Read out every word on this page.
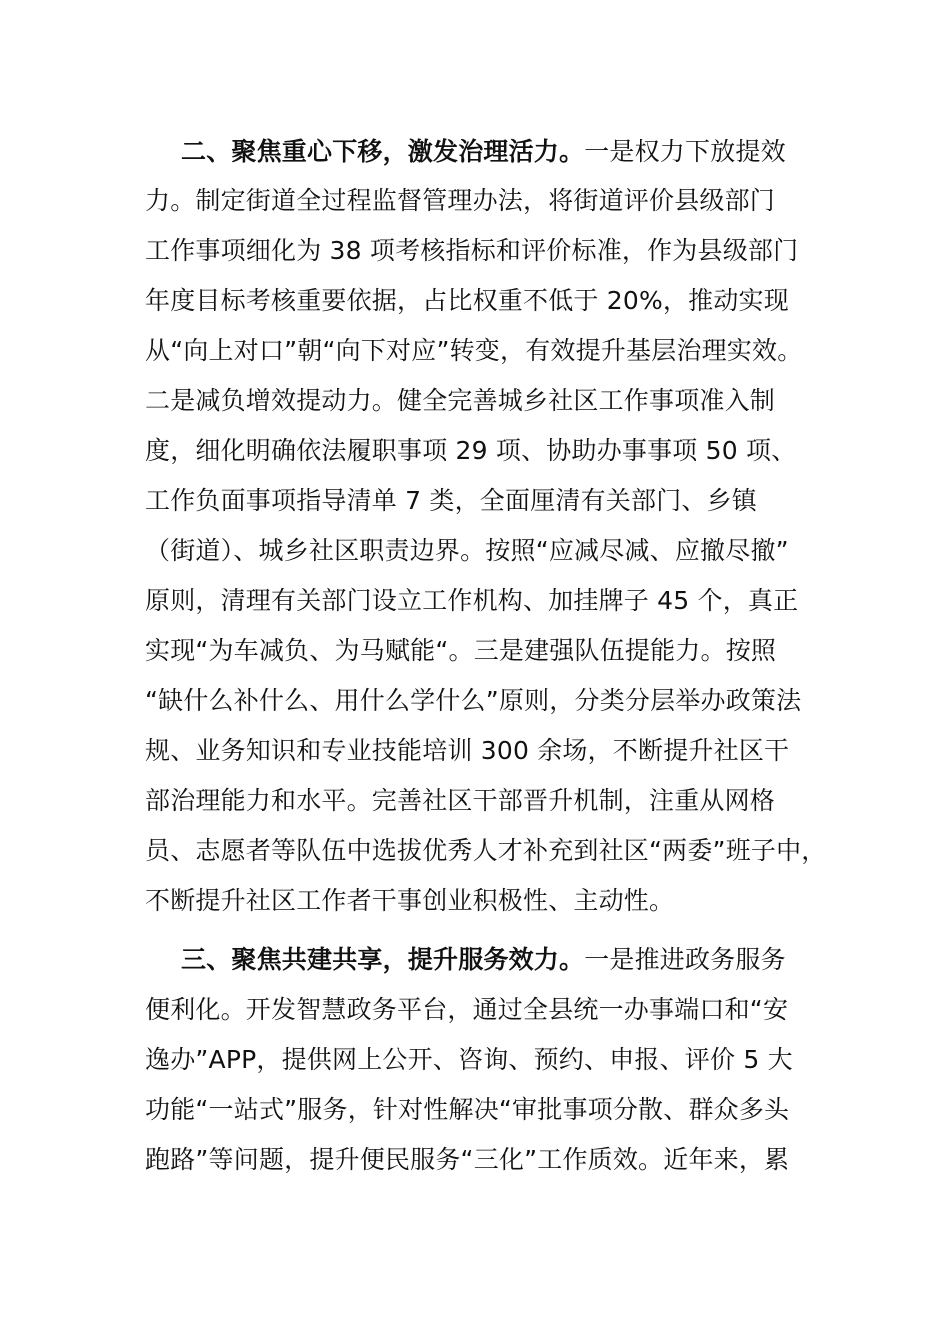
二、聚焦重心下移，激发治理活力。一是权力下放提效

力。制定街道全过程监督管理办法，将街道评价县级部门

工作事项细化为 38 项考核指标和评价标准，作为县级部门

年度目标考核重要依据，占比权重不低于 20%，推动实现

从“向上对口”朝“向下对应”转变，有效提升基层治理实效。

二是减负增效提动力。健全完善城乡社区工作事项准入制

度，细化明确依法履职事项 29 项、协助办事事项 50 项、

工作负面事项指导清单 7 类，全面厘清有关部门、乡镇

（街道）、城乡社区职责边界。按照“应减尽减、应撤尽撤”

原则，清理有关部门设立工作机构、加挂牌子 45 个，真正

实现“为车减负、为马赋能“。三是建强队伍提能力。按照

“缺什么补什么、用什么学什么”原则，分类分层举办政策法

规、业务知识和专业技能培训 300 余场，不断提升社区干

部治理能力和水平。完善社区干部晋升机制，注重从网格

员、志愿者等队伍中选拔优秀人才补充到社区“两委”班子中，

不断提升社区工作者干事创业积极性、主动性。

三、聚焦共建共享，提升服务效力。一是推进政务服务

便利化。开发智慧政务平台，通过全县统一办事端口和“安

逸办”APP，提供网上公开、咨询、预约、申报、评价 5 大

功能“一站式”服务，针对性解决“审批事项分散、群众多头

跑路”等问题，提升便民服务“三化”工作质效。近年来，累
